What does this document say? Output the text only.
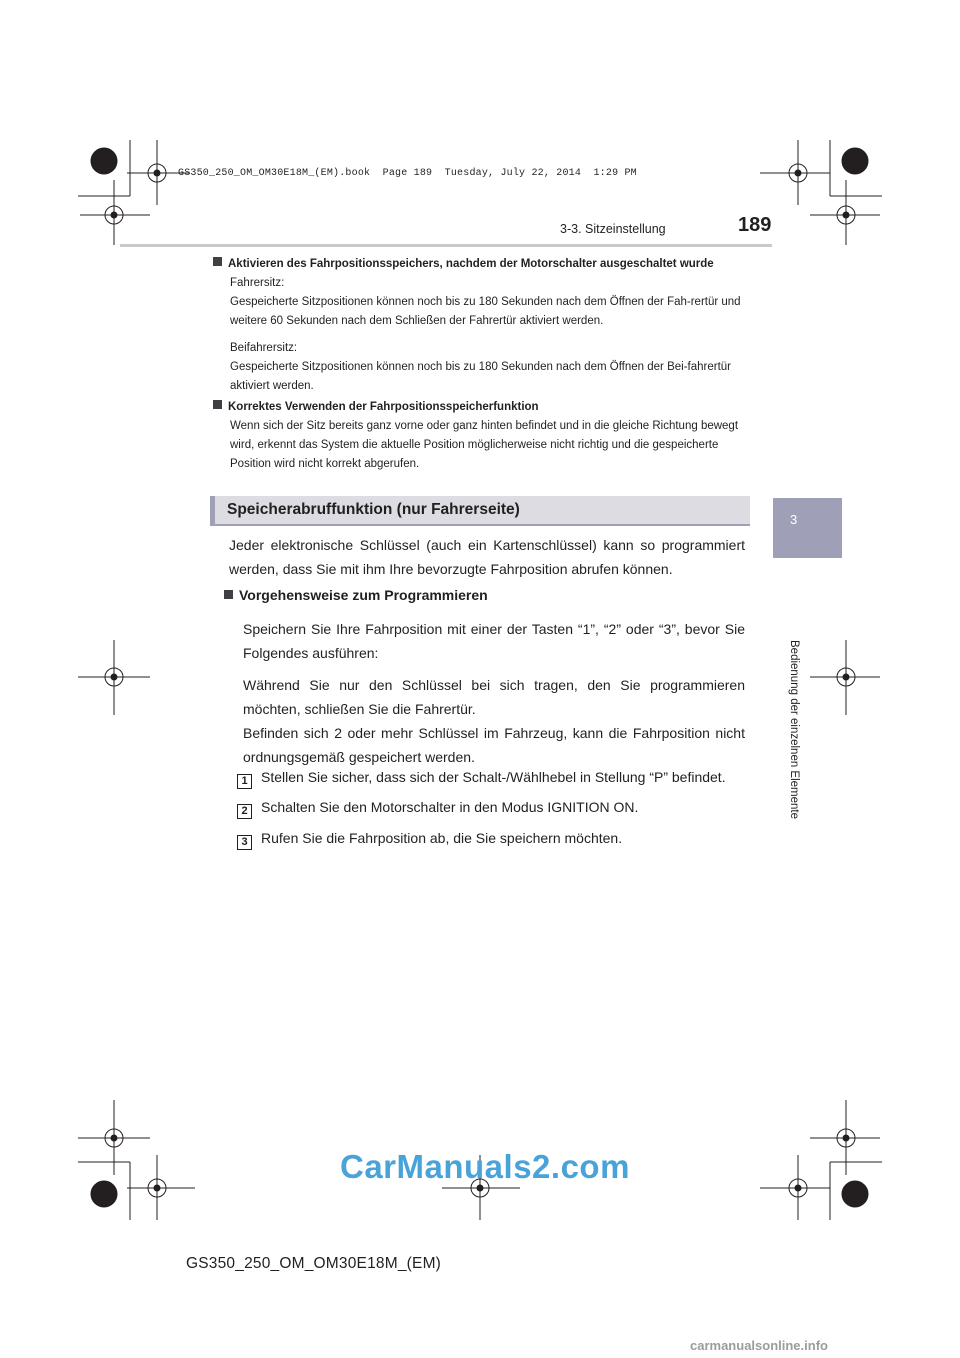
GS350_250_OM_OM30E18M_(EM).book  Page 189  Tuesday, July 22, 2014  1:29 PM
3-3. Sitzeinstellung	189
3
Bedienung der einzelnen Elemente
Aktivieren des Fahrpositionsspeichers, nachdem der Motorschalter ausgeschaltet wurde

Fahrersitz:

Gespeicherte Sitzpositionen können noch bis zu 180 Sekunden nach dem Öffnen der Fah-rertür und weitere 60 Sekunden nach dem Schließen der Fahrertür aktiviert werden.

Beifahrersitz:

Gespeicherte Sitzpositionen können noch bis zu 180 Sekunden nach dem Öffnen der Bei-fahrertür aktiviert werden.

Korrektes Verwenden der Fahrpositionsspeicherfunktion

Wenn sich der Sitz bereits ganz vorne oder ganz hinten befindet und in die gleiche Richtung bewegt wird, erkennt das System die aktuelle Position möglicherweise nicht richtig und die gespeicherte Position wird nicht korrekt abgerufen.

Speicherabruffunktion (nur Fahrerseite)

Jeder elektronische Schlüssel (auch ein Kartenschlüssel) kann so programmiert werden, dass Sie mit ihm Ihre bevorzugte Fahrposition abrufen können.

Vorgehensweise zum Programmieren

Speichern Sie Ihre Fahrposition mit einer der Tasten “1”, “2” oder “3”, bevor Sie Folgendes ausführen:

Während Sie nur den Schlüssel bei sich tragen, den Sie programmieren möchten, schließen Sie die Fahrertür.

Befinden sich 2 oder mehr Schlüssel im Fahrzeug, kann die Fahrposition nicht ordnungsgemäß gespeichert werden.

1 Stellen Sie sicher, dass sich der Schalt-/Wählhebel in Stellung “P” befindet.
2 Schalten Sie den Motorschalter in den Modus IGNITION ON.
3 Rufen Sie die Fahrposition ab, die Sie speichern möchten.
CarManuals2.com
GS350_250_OM_OM30E18M_(EM)
carmanualsonline.info
